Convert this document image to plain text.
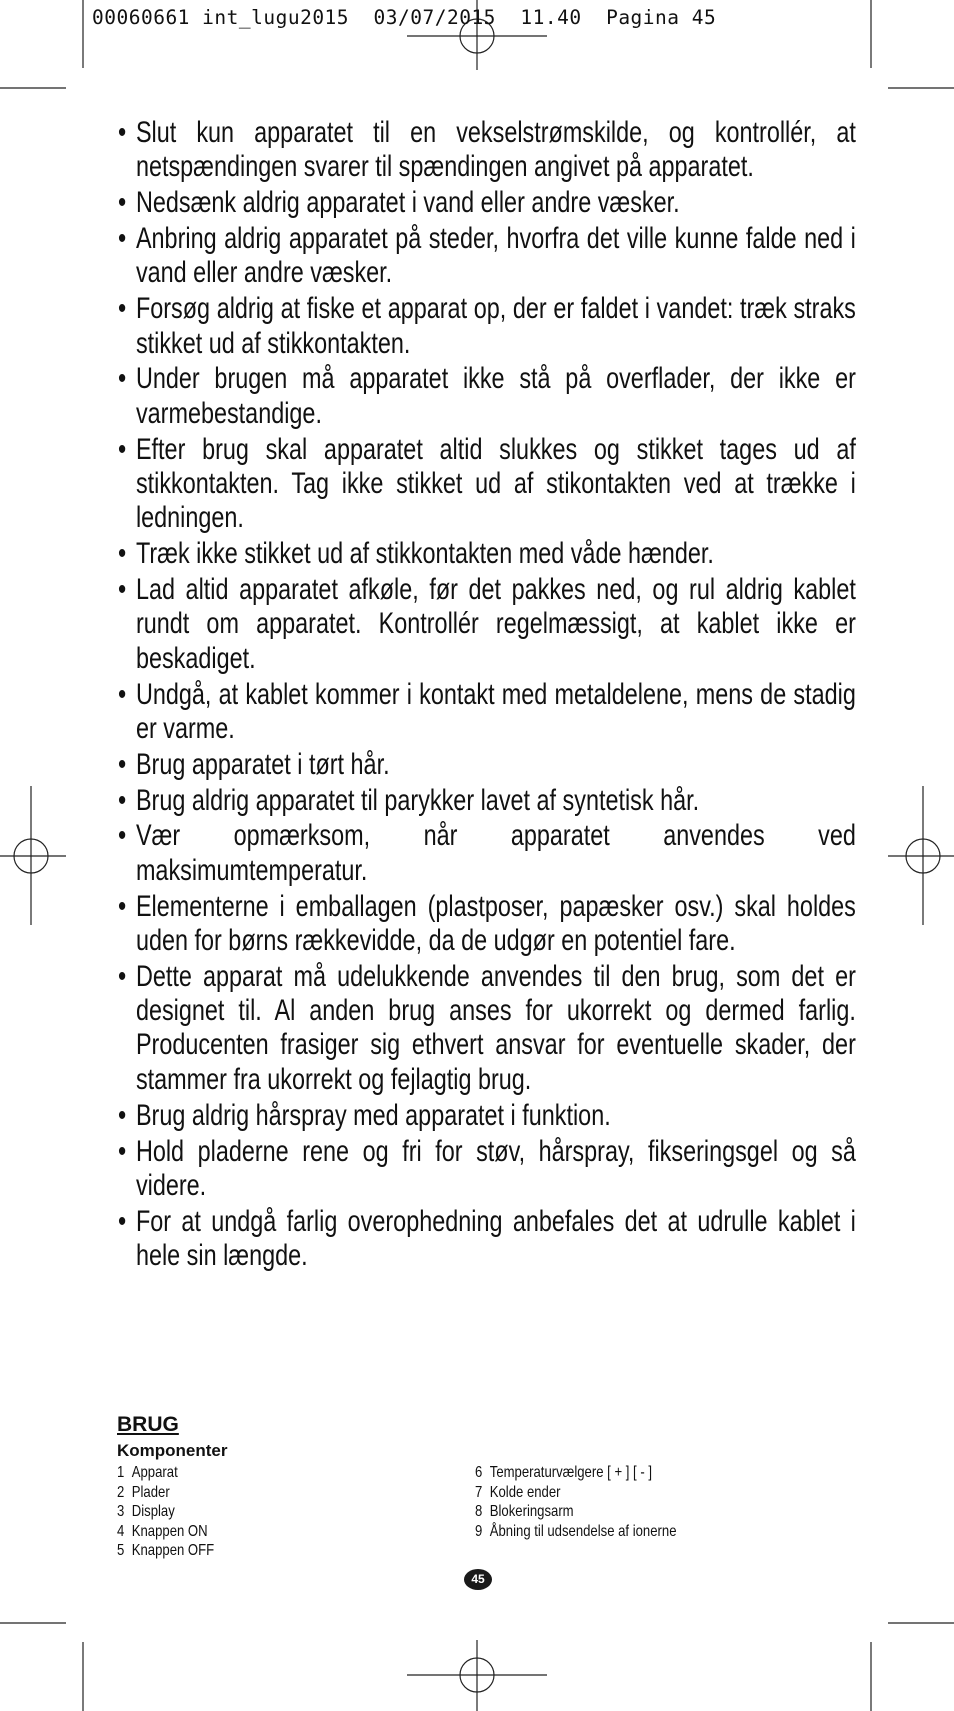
00060661 int_lugu2015  03/07/2015  11.40  Pagina 45
• Slut kun apparatet til en vekselstrømskilde, og kontrollér, at netspændingen svarer til spændingen angivet på apparatet.
• Nedsænk aldrig apparatet i vand eller andre væsker.
• Anbring aldrig apparatet på steder, hvorfra det ville kunne falde ned i vand eller andre væsker.
• Forsøg aldrig at fiske et apparat op, der er faldet i vandet: træk straks stikket ud af stikkontakten.
• Under brugen må apparatet ikke stå på overflader, der ikke er varmebestandige.
• Efter brug skal apparatet altid slukkes og stikket tages ud af stikkontakten. Tag ikke stikket ud af stikontakten ved at trække i ledningen.
• Træk ikke stikket ud af stikkontakten med våde hænder.
• Lad altid apparatet afkøle, før det pakkes ned, og rul aldrig kablet rundt om apparatet. Kontrollér regelmæssigt, at kablet ikke er beskadiget.
• Undgå, at kablet kommer i kontakt med metaldelene, mens de stadig er varme.
• Brug apparatet i tørt hår.
• Brug aldrig apparatet til parykker lavet af syntetisk hår.
• Vær opmærksom, når apparatet anvendes ved maksimumtemperatur.
• Elementerne i emballagen (plastposer, papæsker osv.) skal holdes uden for børns rækkevidde, da de udgør en potentiel fare.
• Dette apparat må udelukkende anvendes til den brug, som det er designet til. Al anden brug anses for ukorrekt og dermed farlig. Producenten frasiger sig ethvert ansvar for eventuelle skader, der stammer fra ukorrekt og fejlagtig brug.
• Brug aldrig hårspray med apparatet i funktion.
• Hold pladerne rene og fri for støv, hårspray, fikseringsgel og så videre.
• For at undgå farlig overophedning anbefales det at udrulle kablet i hele sin længde.
BRUG
Komponenter
1 Apparat
2 Plader
3 Display
4 Knappen ON
5 Knappen OFF
6 Temperaturvælgere [ + ] [ - ]
7 Kolde ender
8 Blokeringsarm
9 Åbning til udsendelse af ionerne
45
